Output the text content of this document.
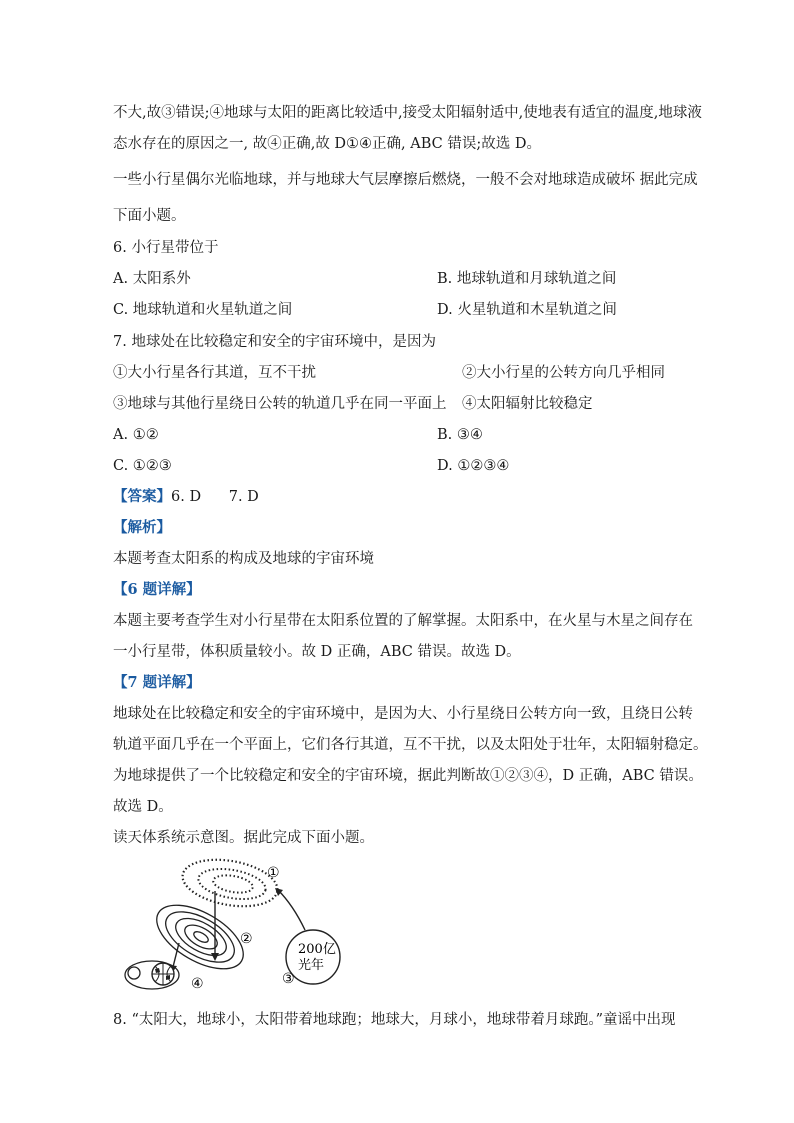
不大,故③错误;④地球与太阳的距离比较适中,接受太阳辐射适中,使地表有适宜的温度,地球液
态水存在的原因之一, 故④正确,故 D①④正确, ABC 错误;故选 D。
一些小行星偶尔光临地球，并与地球大气层摩擦后燃烧，一般不会对地球造成破坏 据此完成
下面小题。
6. 小行星带位于
A. 太阳系外	B. 地球轨道和月球轨道之间
C. 地球轨道和火星轨道之间	D. 火星轨道和木星轨道之间
7. 地球处在比较稳定和安全的宇宙环境中，是因为
①大小行星各行其道，互不干扰	②大小行星的公转方向几乎相同
③地球与其他行星绕日公转的轨道几乎在同一平面上 ④太阳辐射比较稳定
A. ①②	B. ③④
C. ①②③	D. ①②③④
【答案】6. D      7. D
【解析】
本题考查太阳系的构成及地球的宇宙环境
【6 题详解】
本题主要考查学生对小行星带在太阳系位置的了解掌握。太阳系中，在火星与木星之间存在
一小行星带，体积质量较小。故 D 正确，ABC 错误。故选 D。
【7 题详解】
地球处在比较稳定和安全的宇宙环境中，是因为大、小行星绕日公转方向一致，且绕日公转
轨道平面几乎在一个平面上，它们各行其道，互不干扰，以及太阳处于壮年，太阳辐射稳定。
为地球提供了一个比较稳定和安全的宇宙环境，据此判断故①②③④，D 正确，ABC 错误。
故选 D。
读天体系统示意图。据此完成下面小题。
①
②
④
200亿
光年
③
8. “太阳大，地球小，太阳带着地球跑；地球大，月球小，地球带着月球跑。”童谣中出现
